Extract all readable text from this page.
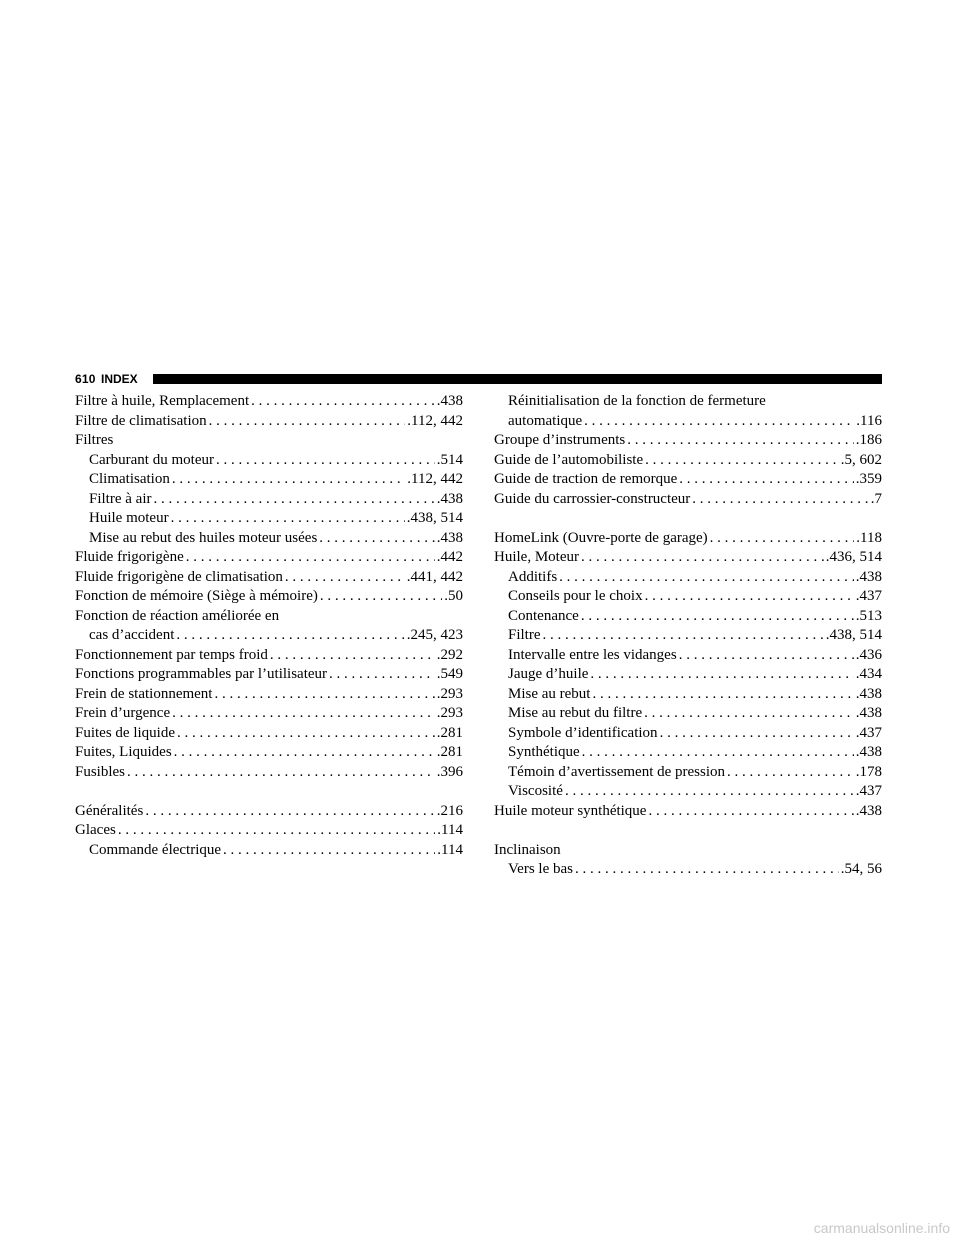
610 INDEX
Filtre à huile, Remplacement . . .	.438
Filtre de climatisation . . .	.112, 442
Filtres
Carburant du moteur . . .	.514
Climatisation . . .	.112, 442
Filtre à air . . .	.438
Huile moteur . . .	.438, 514
Mise au rebut des huiles moteur usées . . .	.438
Fluide frigorigène . . .	.442
Fluide frigorigène de climatisation . . .	.441, 442
Fonction de mémoire (Siège à mémoire) . . .	.50
Fonction de réaction améliorée en
cas d’accident . . .	.245, 423
Fonctionnement par temps froid . . .	.292
Fonctions programmables par l’utilisateur . . .	.549
Frein de stationnement . . .	.293
Frein d’urgence . . .	.293
Fuites de liquide . . .	.281
Fuites, Liquides . . .	.281
Fusibles . . .	.396
Généralités . . .	.216
Glaces . . .	.114
Commande électrique . . .	.114
Réinitialisation de la fonction de fermeture
automatique . . .	.116
Groupe d’instruments . . .	.186
Guide de l’automobiliste . . .	.5, 602
Guide de traction de remorque . . .	.359
Guide du carrossier-constructeur . . .	.7
HomeLink (Ouvre-porte de garage) . . .	.118
Huile, Moteur . . .	.436, 514
Additifs . . .	.438
Conseils pour le choix . . .	.437
Contenance . . .	.513
Filtre . . .	.438, 514
Intervalle entre les vidanges . . .	.436
Jauge d’huile . . .	.434
Mise au rebut . . .	.438
Mise au rebut du filtre . . .	.438
Symbole d’identification . . .	.437
Synthétique . . .	.438
Témoin d’avertissement de pression . . .	.178
Viscosité . . .	.437
Huile moteur synthétique . . .	.438
Inclinaison
Vers le bas . . .	.54, 56
carmanualsonline.info
